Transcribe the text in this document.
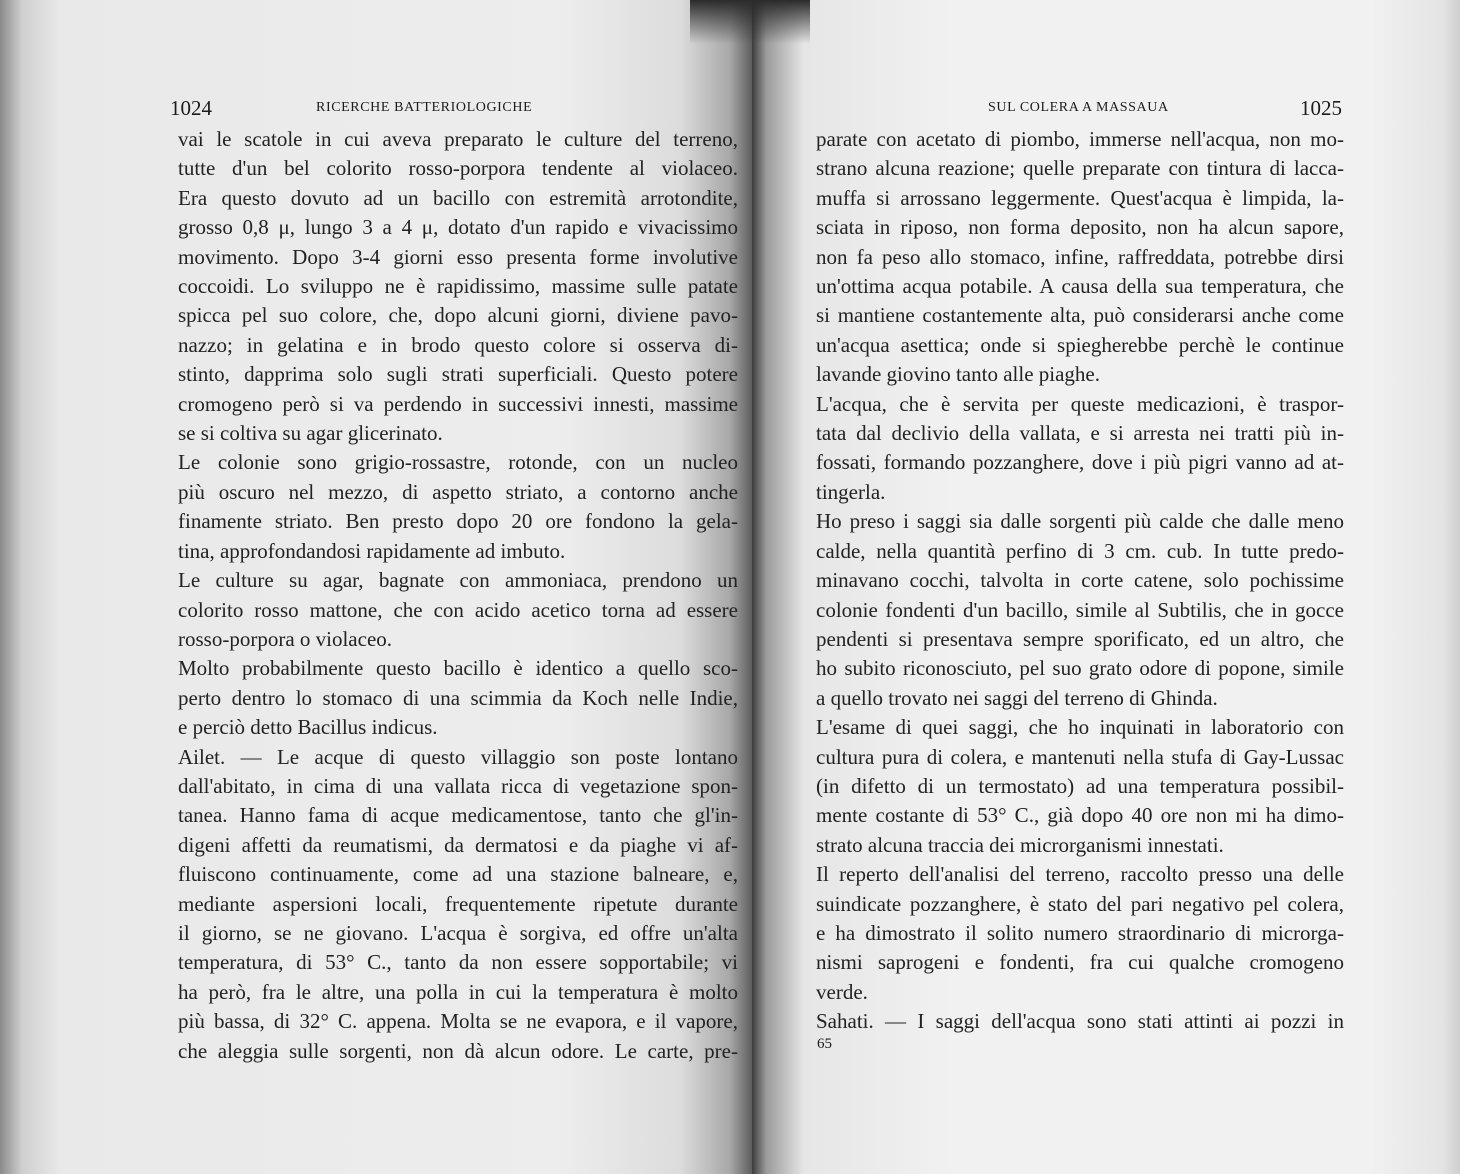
1024	RICERCHE BATTERIOLOGICHE
vai le scatole in cui aveva preparato le culture del terreno,
tutte d'un bel colorito rosso-porpora tendente al violaceo.
Era questo dovuto ad un bacillo con estremità arrotondite,
grosso 0,8 μ, lungo 3 a 4 μ, dotato d'un rapido e vivacissimo
movimento. Dopo 3-4 giorni esso presenta forme involutive
coccoidi. Lo sviluppo ne è rapidissimo, massime sulle patate
spicca pel suo colore, che, dopo alcuni giorni, diviene pavo-
nazzo; in gelatina e in brodo questo colore si osserva di-
stinto, dapprima solo sugli strati superficiali. Questo potere
cromogeno però si va perdendo in successivi innesti, massime
se si coltiva su agar glicerinato.
Le colonie sono grigio-rossastre, rotonde, con un nucleo
più oscuro nel mezzo, di aspetto striato, a contorno anche
finamente striato. Ben presto dopo 20 ore fondono la gela-
tina, approfondandosi rapidamente ad imbuto.
Le culture su agar, bagnate con ammoniaca, prendono un
colorito rosso mattone, che con acido acetico torna ad essere
rosso-porpora o violaceo.
Molto probabilmente questo bacillo è identico a quello sco-
perto dentro lo stomaco di una scimmia da Koch nelle Indie,
e perciò detto Bacillus indicus.
Ailet. — Le acque di questo villaggio son poste lontano
dall'abitato, in cima di una vallata ricca di vegetazione spon-
tanea. Hanno fama di acque medicamentose, tanto che gl'in-
digeni affetti da reumatismi, da dermatosi e da piaghe vi af-
fluiscono continuamente, come ad una stazione balneare, e,
mediante aspersioni locali, frequentemente ripetute durante
il giorno, se ne giovano. L'acqua è sorgiva, ed offre un'alta
temperatura, di 53° C., tanto da non essere sopportabile; vi
ha però, fra le altre, una polla in cui la temperatura è molto
più bassa, di 32° C. appena. Molta se ne evapora, e il vapore,
che aleggia sulle sorgenti, non dà alcun odore. Le carte, pre-
SUL COLERA A MASSAUA	1025
parate con acetato di piombo, immerse nell'acqua, non mo-
strano alcuna reazione; quelle preparate con tintura di lacca-
muffa si arrossano leggermente. Quest'acqua è limpida, la-
sciata in riposo, non forma deposito, non ha alcun sapore,
non fa peso allo stomaco, infine, raffreddata, potrebbe dirsi
un'ottima acqua potabile. A causa della sua temperatura, che
si mantiene costantemente alta, può considerarsi anche come
un'acqua asettica; onde si spiegherebbe perchè le continue
lavande giovino tanto alle piaghe.
L'acqua, che è servita per queste medicazioni, è traspor-
tata dal declivio della vallata, e si arresta nei tratti più in-
fossati, formando pozzanghere, dove i più pigri vanno ad at-
tingerla.
Ho preso i saggi sia dalle sorgenti più calde che dalle meno
calde, nella quantità perfino di 3 cm. cub. In tutte predo-
minavano cocchi, talvolta in corte catene, solo pochissime
colonie fondenti d'un bacillo, simile al Subtilis, che in gocce
pendenti si presentava sempre sporificato, ed un altro, che
ho subito riconosciuto, pel suo grato odore di popone, simile
a quello trovato nei saggi del terreno di Ghinda.
L'esame di quei saggi, che ho inquinati in laboratorio con
cultura pura di colera, e mantenuti nella stufa di Gay-Lussac
(in difetto di un termostato) ad una temperatura possibil-
mente costante di 53° C., già dopo 40 ore non mi ha dimo-
strato alcuna traccia dei microrganismi innestati.
Il reperto dell'analisi del terreno, raccolto presso una delle
suindicate pozzanghere, è stato del pari negativo pel colera,
e ha dimostrato il solito numero straordinario di microrga-
nismi saprogeni e fondenti, fra cui qualche cromogeno
verde.
Sahati. — I saggi dell'acqua sono stati attinti ai pozzi in
65
